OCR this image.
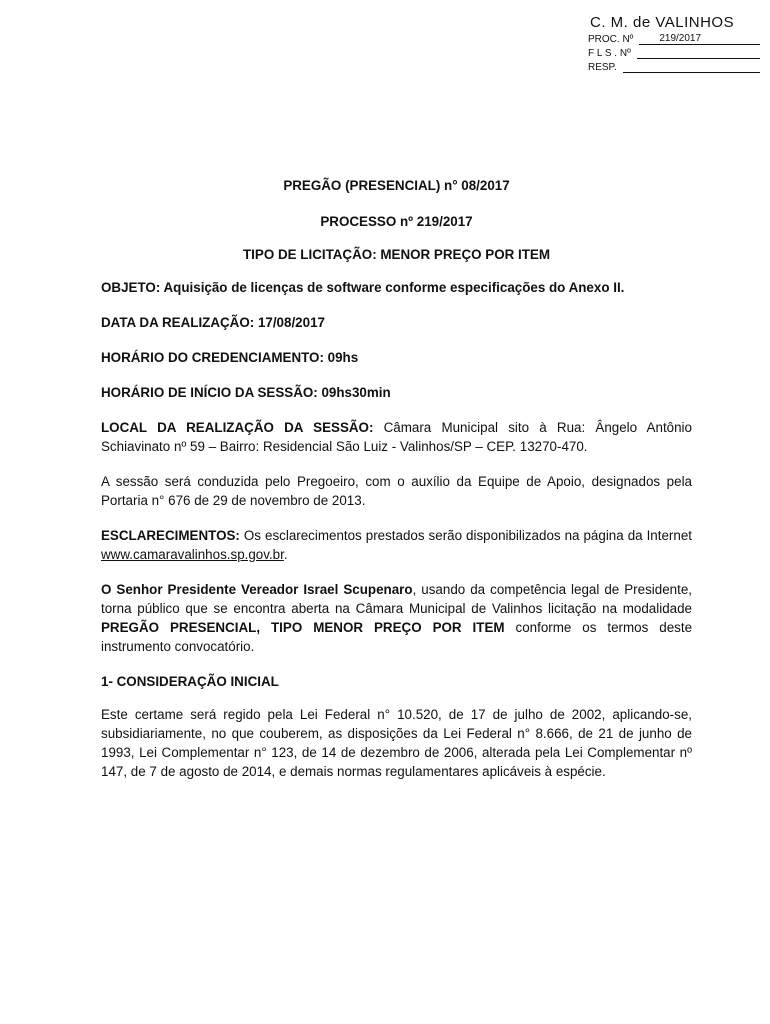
C. M. de VALINHOS
PROC. Nº	219/2017
F L S . Nº
RESP.
PREGÃO (PRESENCIAL) n° 08/2017
PROCESSO nº 219/2017
TIPO DE LICITAÇÃO: MENOR PREÇO POR ITEM

OBJETO: Aquisição de licenças de software conforme especificações do Anexo II.

DATA DA REALIZAÇÃO: 17/08/2017

HORÁRIO DO CREDENCIAMENTO: 09hs

HORÁRIO DE INÍCIO DA SESSÃO: 09hs30min

LOCAL DA REALIZAÇÃO DA SESSÃO: Câmara Municipal sito à Rua: Ângelo Antônio Schiavinato nº 59 – Bairro: Residencial São Luiz - Valinhos/SP – CEP. 13270-470.

A sessão será conduzida pelo Pregoeiro, com o auxílio da Equipe de Apoio, designados pela Portaria n° 676 de 29 de novembro de 2013.

ESCLARECIMENTOS: Os esclarecimentos prestados serão disponibilizados na página da Internet www.camaravalinhos.sp.gov.br.

O Senhor Presidente Vereador Israel Scupenaro, usando da competência legal de Presidente, torna público que se encontra aberta na Câmara Municipal de Valinhos licitação na modalidade PREGÃO PRESENCIAL, TIPO MENOR PREÇO POR ITEM conforme os termos deste instrumento convocatório.

1- CONSIDERAÇÃO INICIAL

Este certame será regido pela Lei Federal n° 10.520, de 17 de julho de 2002, aplicando-se, subsidiariamente, no que couberem, as disposições da Lei Federal n° 8.666, de 21 de junho de 1993, Lei Complementar n° 123, de 14 de dezembro de 2006, alterada pela Lei Complementar nº 147, de 7 de agosto de 2014, e demais normas regulamentares aplicáveis à espécie.
